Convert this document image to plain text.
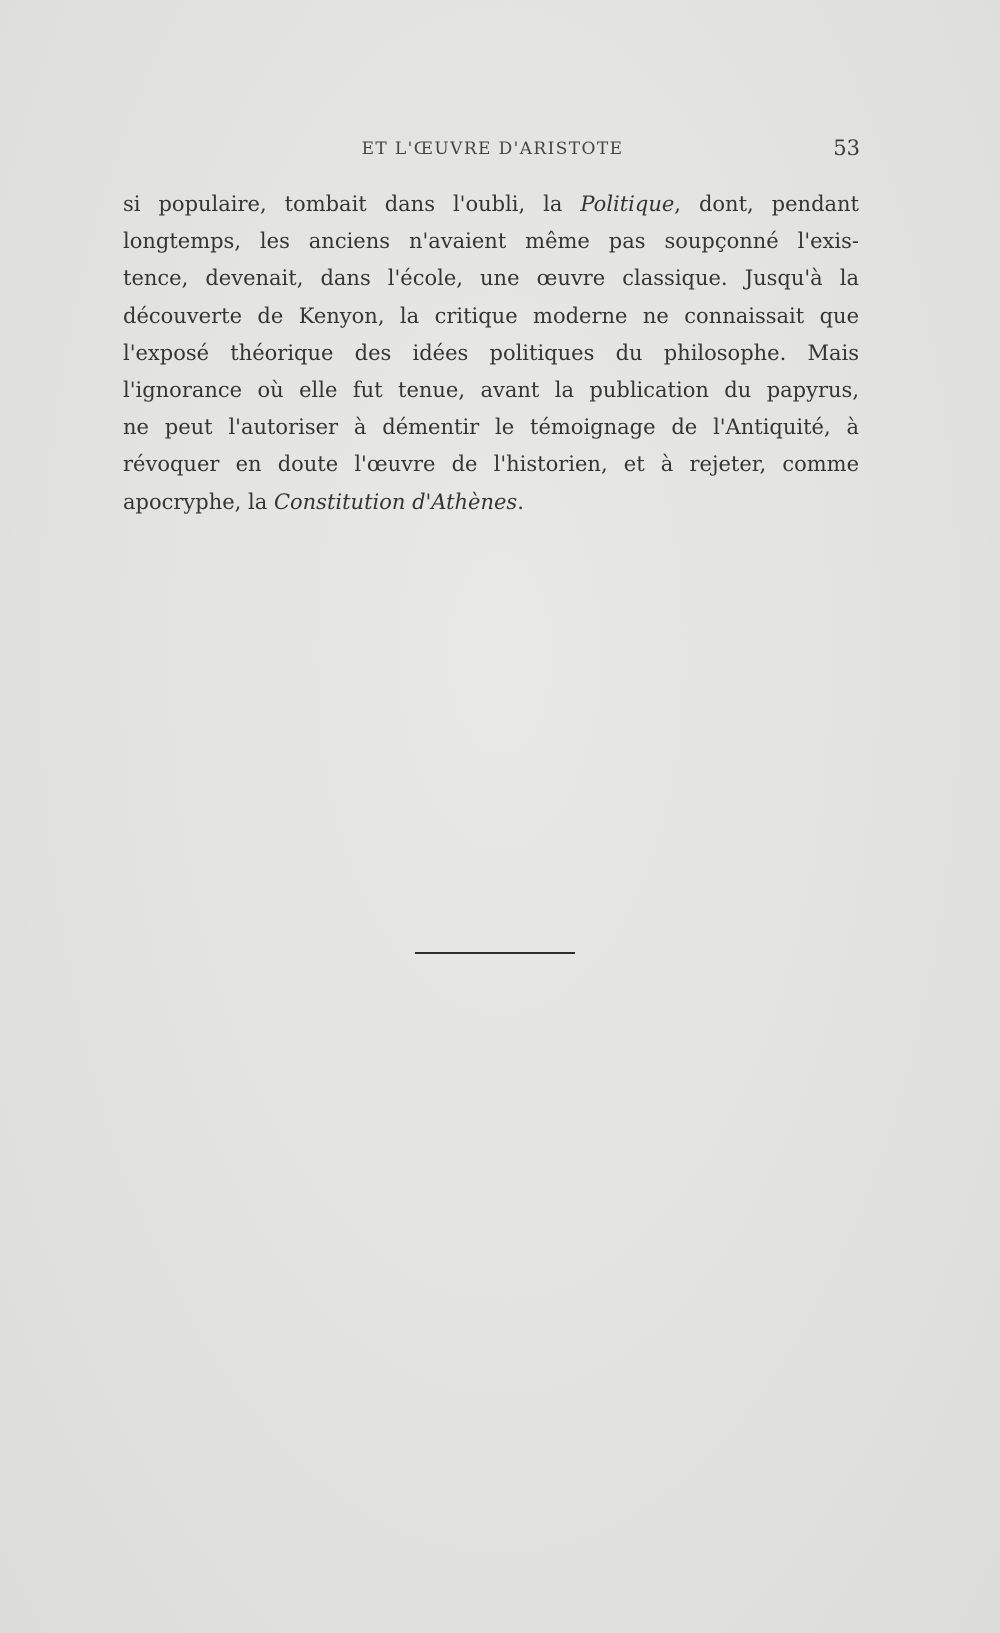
ET L'ŒUVRE D'ARISTOTE	53
si populaire, tombait dans l'oubli, la Politique, dont, pendant
longtemps, les anciens n'avaient même pas soupçonné l'exis-
tence, devenait, dans l'école, une œuvre classique. Jusqu'à la
découverte de Kenyon, la critique moderne ne connaissait que
l'exposé théorique des idées politiques du philosophe. Mais
l'ignorance où elle fut tenue, avant la publication du papyrus,
ne peut l'autoriser à démentir le témoignage de l'Antiquité, à
révoquer en doute l'œuvre de l'historien, et à rejeter, comme
apocryphe, la Constitution d'Athènes.
